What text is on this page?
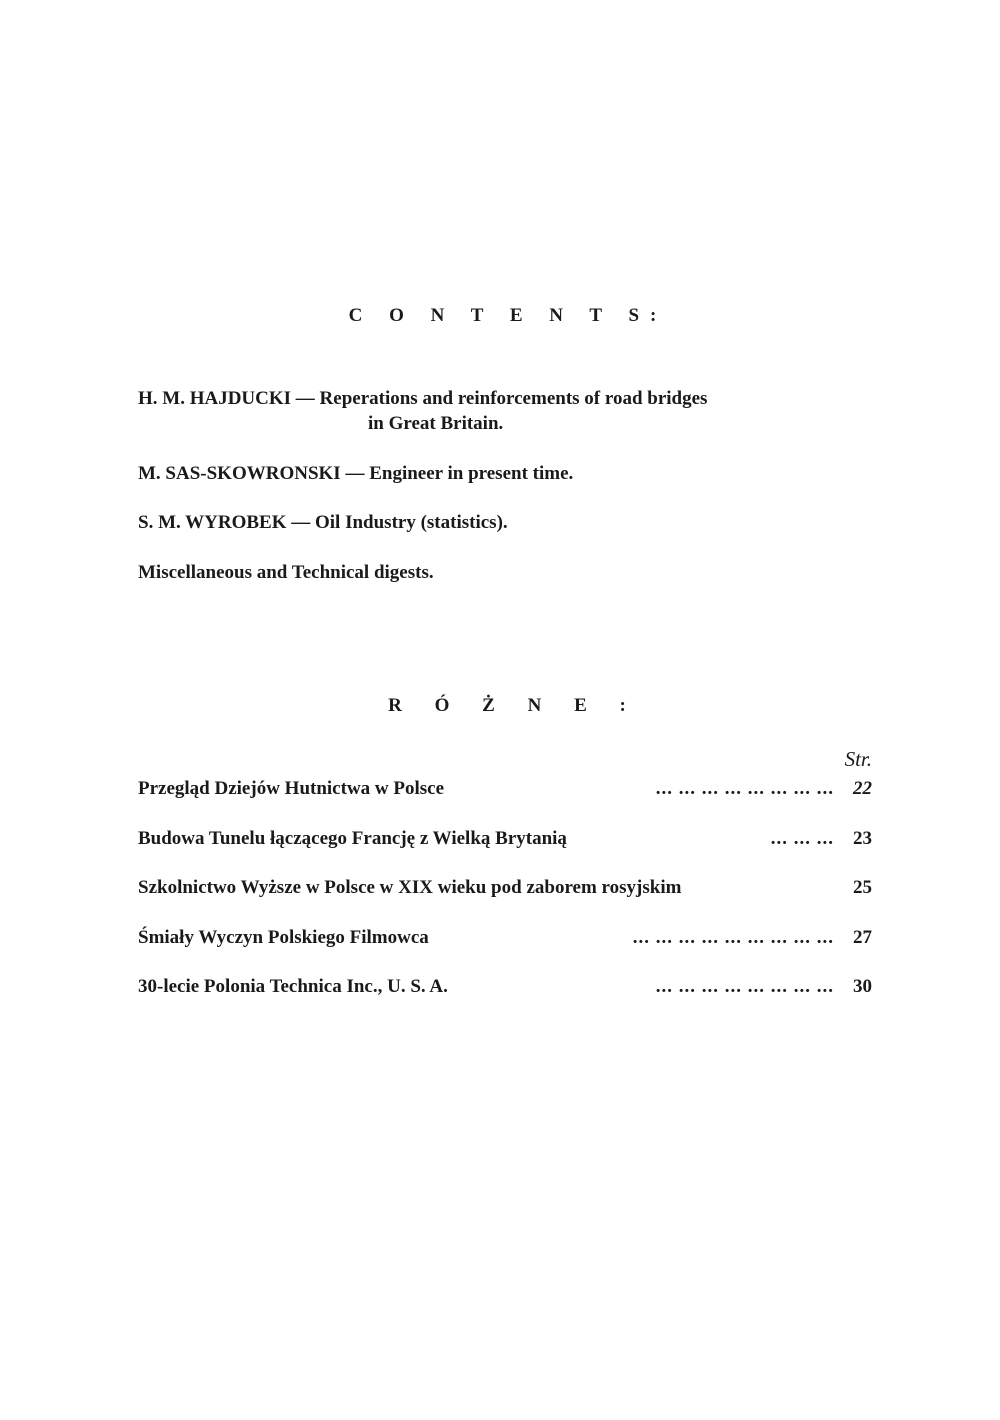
C O N T E N T S:
H. M. HAJDUCKI — Reperations and reinforcements of road bridges
in Great Britain.
M. SAS-SKOWRONSKI — Engineer in present time.
S. M. WYROBEK — Oil Industry (statistics).
Miscellaneous and Technical digests.
R Ó Ż N E :
Str.
Przegląd Dziejów Hutnictwa w Polsce	... ... ... ... ... ... ... ...	22
Budowa Tunelu łączącego Francję z Wielką Brytanią	... ... ...	23
Szkolnictwo Wyższe w Polsce w XIX wieku pod zaborem rosyjskim	25
Śmiały Wyczyn Polskiego Filmowca	... ... ... ... ... ... ... ... ...	27
30-lecie Polonia Technica Inc., U. S. A.	... ... ... ... ... ... ... ...	30
